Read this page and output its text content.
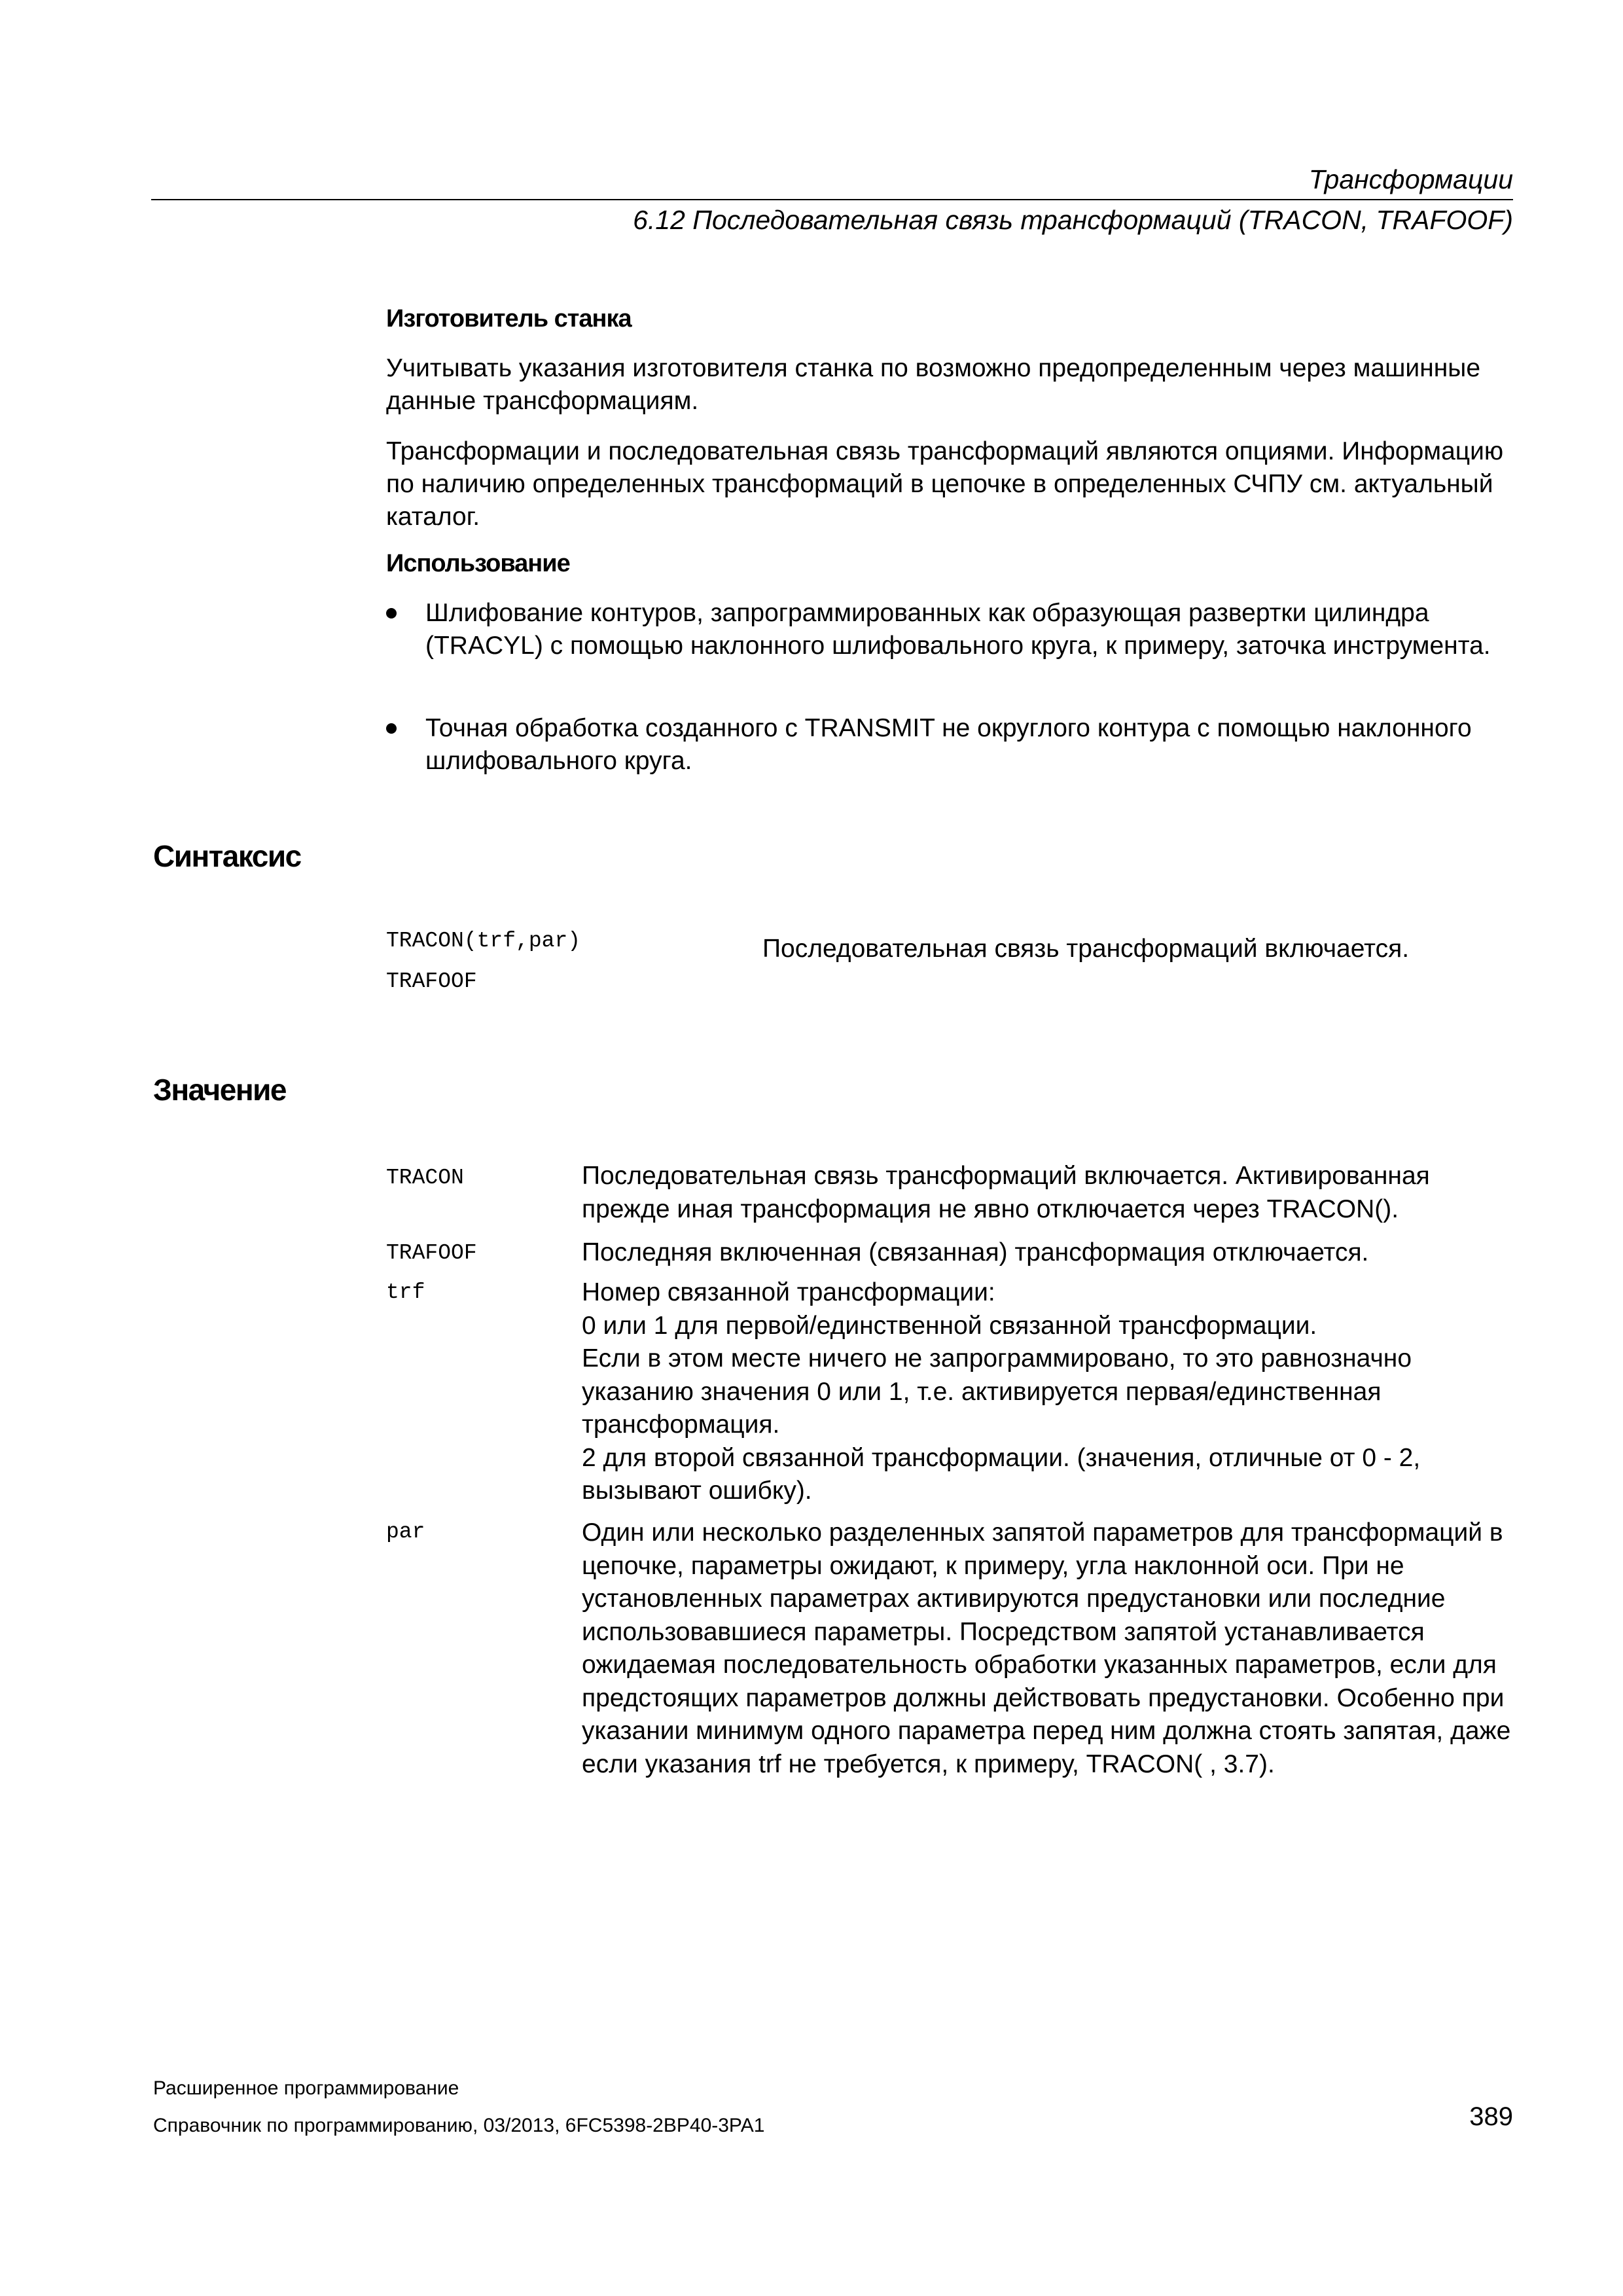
Трансформации
6.12 Последовательная связь трансформаций (TRACON, TRAFOOF)
Изготовитель станка

Учитывать указания изготовителя станка по возможно предопределенным через машинные данные трансформациям.

Трансформации и последовательная связь трансформаций являются опциями. Информацию по наличию определенных трансформаций в цепочке в определенных СЧПУ см. актуальный каталог.

Использование
Шлифование контуров, запрограммированных как образующая развертки цилиндра (TRACYL) с помощью наклонного шлифовального круга, к примеру, заточка инструмента.
Точная обработка созданного с TRANSMIT не округлого контура с помощью наклонного шлифовального круга.
Синтаксис
TRACON(trf,par)
TRAFOOF
Последовательная связь трансформаций включается.
Значение
TRACON	Последовательная связь трансформаций включается. Активированная прежде иная трансформация не явно отключается через TRACON().
TRAFOOF	Последняя включенная (связанная) трансформация отключается.
trf	Номер связанной трансформации:
0 или 1 для первой/единственной связанной трансформации.
Если в этом месте ничего не запрограммировано, то это равнозначно указанию значения 0 или 1, т.е. активируется первая/единственная трансформация.
2 для второй связанной трансформации. (значения, отличные от 0 - 2, вызывают ошибку).
par	Один или несколько разделенных запятой параметров для трансформаций в цепочке, параметры ожидают, к примеру, угла наклонной оси. При не установленных параметрах активируются предустановки или последние использовавшиеся параметры. Посредством запятой устанавливается ожидаемая последовательность обработки указанных параметров, если для предстоящих параметров должны действовать предустановки. Особенно при указании минимум одного параметра перед ним должна стоять запятая, даже если указания trf не требуется, к примеру, TRACON( , 3.7).
Расширенное программирование
Справочник по программированию, 03/2013, 6FC5398-2BP40-3PA1	389
